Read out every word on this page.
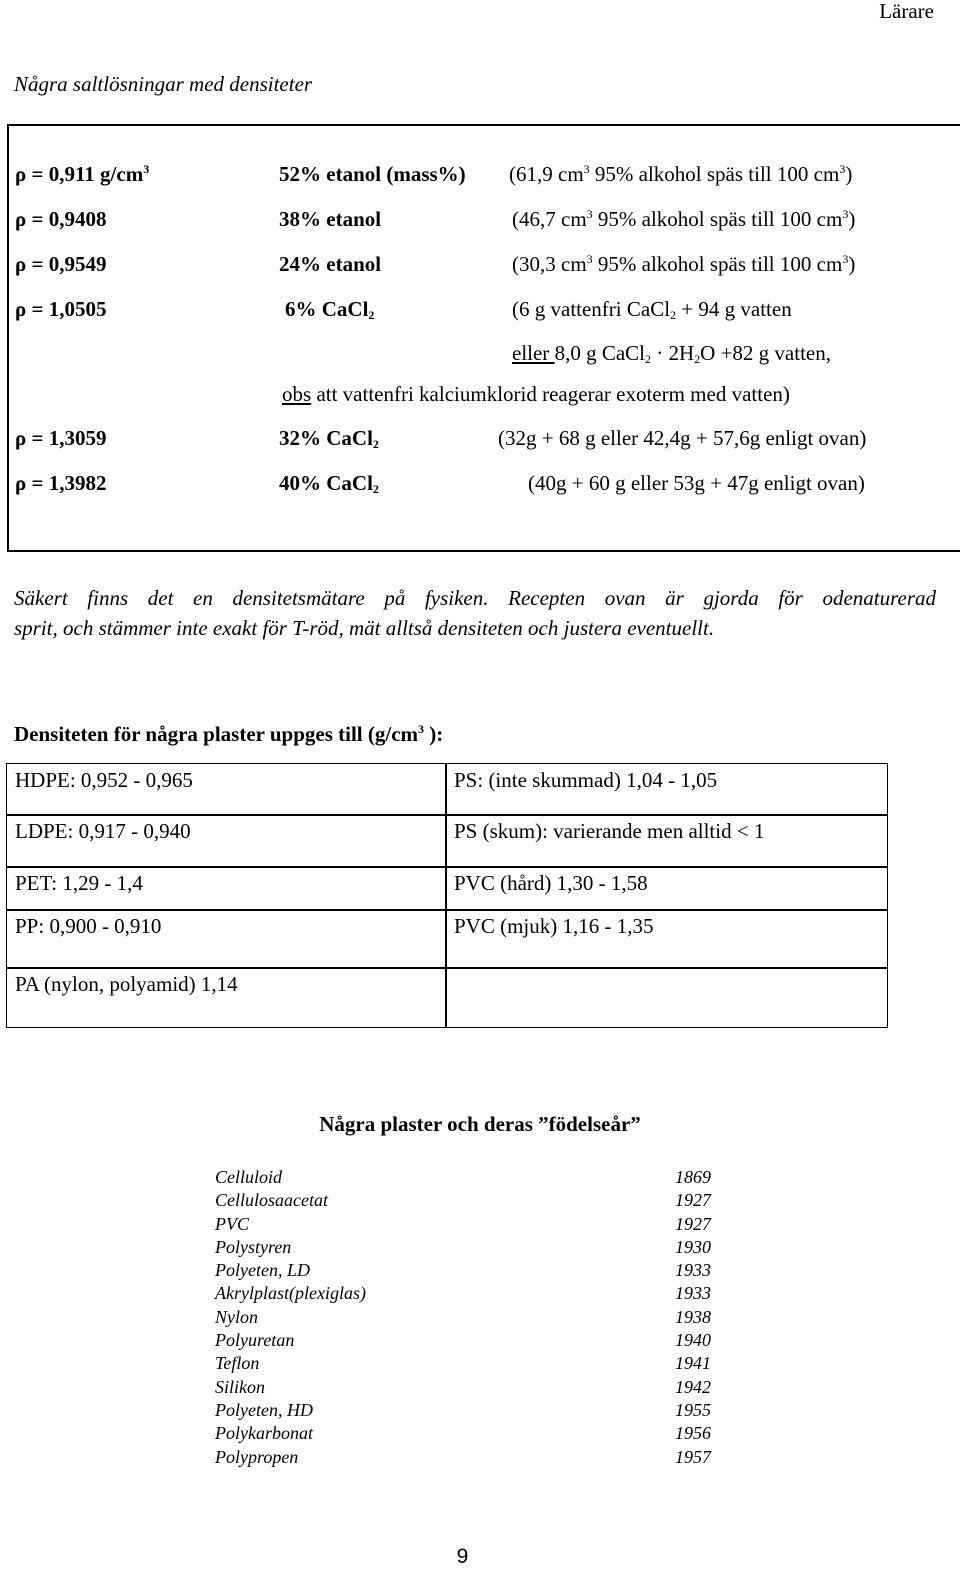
Lärare
Några saltlösningar med densiteter
ρ = 0,911 $g/cm^3$	52% etanol (mass%) (61,9 $cm^3$ 95% alkohol späs till 100 $cm^3$)
ρ = 0,9408	38% etanol	(46,7 $cm^3$ 95% alkohol späs till 100 $cm^3$)
ρ = 0,9549	24% etanol	(30,3 $cm^3$ 95% alkohol späs till 100 $cm^3$)
ρ = 1,0505	6% CaCl$_2$	(6 g vattenfri CaCl$_2$ + 94 g vatten
eller 8,0 g CaCl$_2$ · $2H_2O +82$ g vatten,
obs att vattenfri kalciumklorid reagerar exoterm med vatten)
ρ = 1,3059	32% CaCl$_2$	(32g + 68 g eller 42,4g + 57,6g enligt ovan)
ρ = 1,3982	40% CaCl$_2$	(40g + 60 g eller 53g + 47g enligt ovan)
Säkert finns det en densitetsmätare på fysiken. Recepten ovan är gjorda för odenaturerad
sprit, och stämmer inte exakt för T-röd, mät alltså densiteten och justera eventuellt.
Densiteten för några plaster uppges till ($g/cm^3$ ):
HDPE: 0,952 - 0,965	PS: (inte skummad) 1,04 - 1,05
LDPE: 0,917 - 0,940	PS (skum): varierande men alltid < 1
PET: 1,29 - 1,4	PVC (hård) 1,30 - 1,58
PP: 0,900 - 0,910	PVC (mjuk) 1,16 - 1,35
PA (nylon, polyamid) 1,14
Några plaster och deras ”födelseår”
Celluloid	1869
Cellulosaacetat	1927
PVC	1927
Polystyren	1930
Polyeten, LD	1933
Akrylplast(plexiglas)	1933
Nylon	1938
Polyuretan	1940
Teflon	1941
Silikon	1942
Polyeten, HD	1955
Polykarbonat	1956
Polypropen	1957
9
